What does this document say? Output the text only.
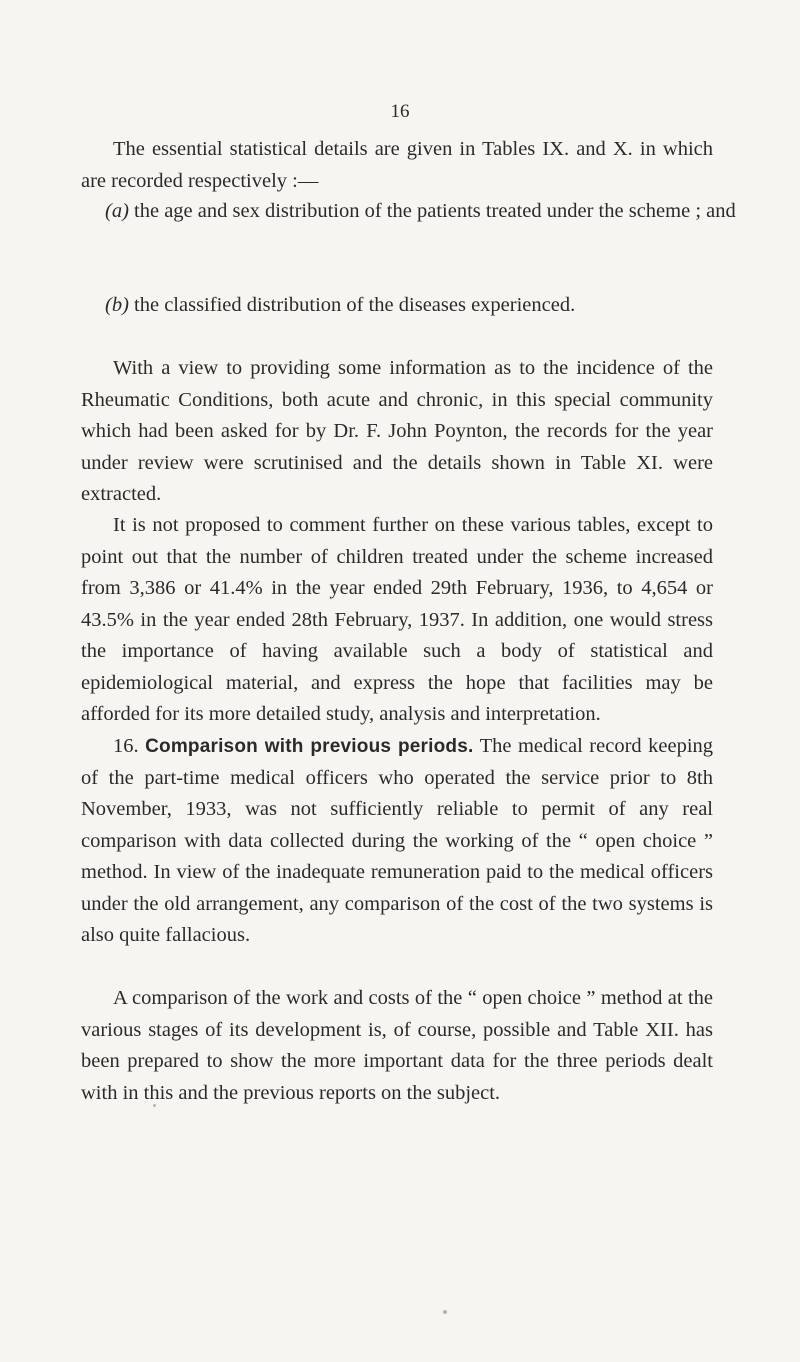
16

The essential statistical details are given in Tables IX. and X. in which are recorded respectively :—

(a) the age and sex distribution of the patients treated under the scheme ; and
(b) the classified distribution of the diseases experienced.

With a view to providing some information as to the incidence of the Rheumatic Conditions, both acute and chronic, in this special community which had been asked for by Dr. F. John Poynton, the records for the year under review were scrutinised and the details shown in Table XI. were extracted.

It is not proposed to comment further on these various tables, except to point out that the number of children treated under the scheme increased from 3,386 or 41.4% in the year ended 29th February, 1936, to 4,654 or 43.5% in the year ended 28th February, 1937. In addition, one would stress the importance of having available such a body of statistical and epidemiological material, and express the hope that facilities may be afforded for its more detailed study, analysis and interpretation.

16. Comparison with previous periods. The medical record keeping of the part-time medical officers who operated the service prior to 8th November, 1933, was not sufficiently reliable to permit of any real comparison with data collected during the working of the “ open choice ” method. In view of the inadequate remuneration paid to the medical officers under the old arrangement, any comparison of the cost of the two systems is also quite fallacious.

A comparison of the work and costs of the “ open choice ” method at the various stages of its development is, of course, possible and Table XII. has been prepared to show the more important data for the three periods dealt with in this and the previous reports on the subject.
